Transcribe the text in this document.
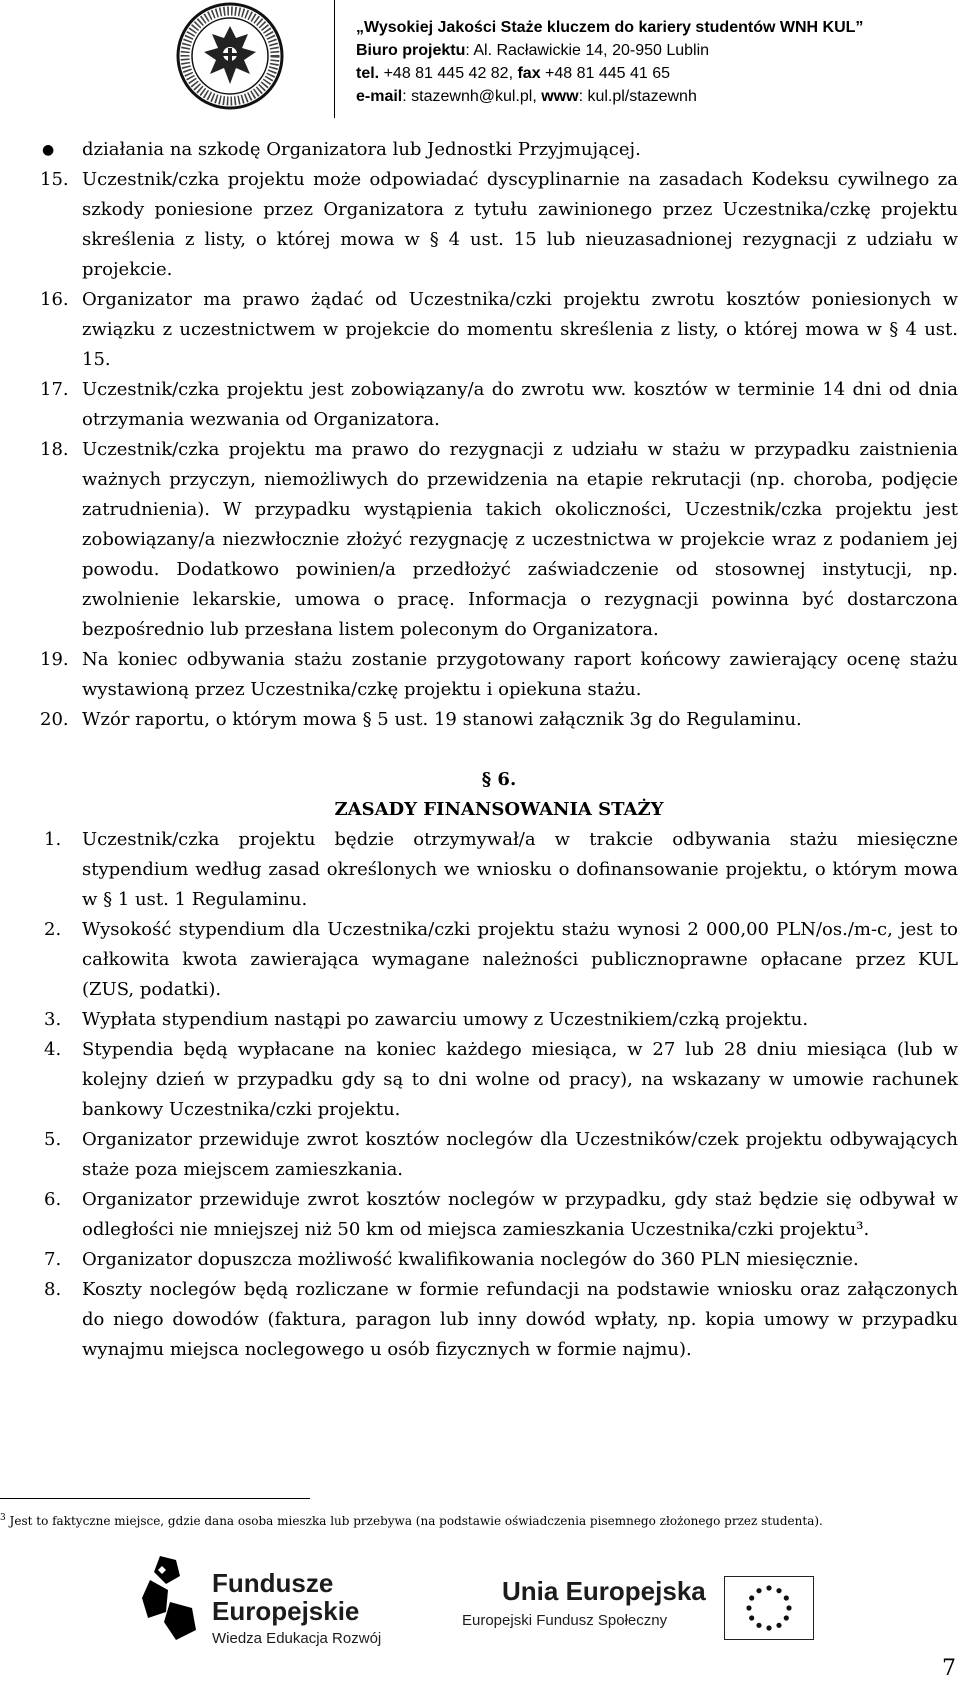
„Wysokiej Jakości Staże kluczem do kariery studentów WNH KUL”
Biuro projektu: Al. Racławickie 14, 20-950 Lublin
tel. +48 81 445 42 82, fax +48 81 445 41 65
e-mail: stazewnh@kul.pl, www: kul.pl/stazewnh
●	działania na szkodę Organizatora lub Jednostki Przyjmującej.
15. Uczestnik/czka projektu może odpowiadać dyscyplinarnie na zasadach Kodeksu cywilnego za szkody poniesione przez Organizatora z tytułu zawinionego przez Uczestnika/czkę projektu skreślenia z listy, o której mowa w § 4 ust. 15 lub nieuzasadnionej rezygnacji z udziału w projekcie.
16. Organizator ma prawo żądać od Uczestnika/czki projektu zwrotu kosztów poniesionych w związku z uczestnictwem w projekcie do momentu skreślenia z listy, o której mowa w § 4 ust. 15.
17. Uczestnik/czka projektu jest zobowiązany/a do zwrotu ww. kosztów w terminie 14 dni od dnia otrzymania wezwania od Organizatora.
18. Uczestnik/czka projektu ma prawo do rezygnacji z udziału w stażu w przypadku zaistnienia ważnych przyczyn, niemożliwych do przewidzenia na etapie rekrutacji (np. choroba, podjęcie zatrudnienia). W przypadku wystąpienia takich okoliczności, Uczestnik/czka projektu jest zobowiązany/a niezwłocznie złożyć rezygnację z uczestnictwa w projekcie wraz z podaniem jej powodu. Dodatkowo powinien/a przedłożyć zaświadczenie od stosownej instytucji, np. zwolnienie lekarskie, umowa o pracę. Informacja o rezygnacji powinna być dostarczona bezpośrednio lub przesłana listem poleconym do Organizatora.
19. Na koniec odbywania stażu zostanie przygotowany raport końcowy zawierający ocenę stażu wystawioną przez Uczestnika/czkę projektu i opiekuna stażu.
20. Wzór raportu, o którym mowa § 5 ust. 19 stanowi załącznik 3g do Regulaminu.
§ 6.
ZASADY FINANSOWANIA STAŻY
1.	Uczestnik/czka projektu będzie otrzymywał/a w trakcie odbywania stażu miesięczne stypendium według zasad określonych we wniosku o dofinansowanie projektu, o którym mowa w § 1 ust. 1 Regulaminu.
2.	Wysokość stypendium dla Uczestnika/czki projektu stażu wynosi 2 000,00 PLN/os./m-c, jest to całkowita kwota zawierająca wymagane należności publicznoprawne opłacane przez KUL (ZUS, podatki).
3.	Wypłata stypendium nastąpi po zawarciu umowy z Uczestnikiem/czką projektu.
4.	Stypendia będą wypłacane na koniec każdego miesiąca, w 27 lub 28 dniu miesiąca (lub w kolejny dzień w przypadku gdy są to dni wolne od pracy), na wskazany w umowie rachunek bankowy Uczestnika/czki projektu.
5.	Organizator przewiduje zwrot kosztów noclegów dla Uczestników/czek projektu odbywających staże poza miejscem zamieszkania.
6.	Organizator przewiduje zwrot kosztów noclegów w przypadku, gdy staż będzie się odbywał w odległości nie mniejszej niż 50 km od miejsca zamieszkania Uczestnika/czki projektu³.
7.	Organizator dopuszcza możliwość kwalifikowania noclegów do 360 PLN miesięcznie.
8.	Koszty noclegów będą rozliczane w formie refundacji na podstawie wniosku oraz załączonych do niego dowodów (faktura, paragon lub inny dowód wpłaty, np. kopia umowy w przypadku wynajmu miejsca noclegowego u osób fizycznych w formie najmu).
$^3$ Jest to faktyczne miejsce, gdzie dana osoba mieszka lub przebywa (na podstawie oświadczenia pisemnego złożonego przez studenta).
Fundusze
Europejskie
Wiedza Edukacja Rozwój
Unia Europejska
Europejski Fundusz Społeczny
7
